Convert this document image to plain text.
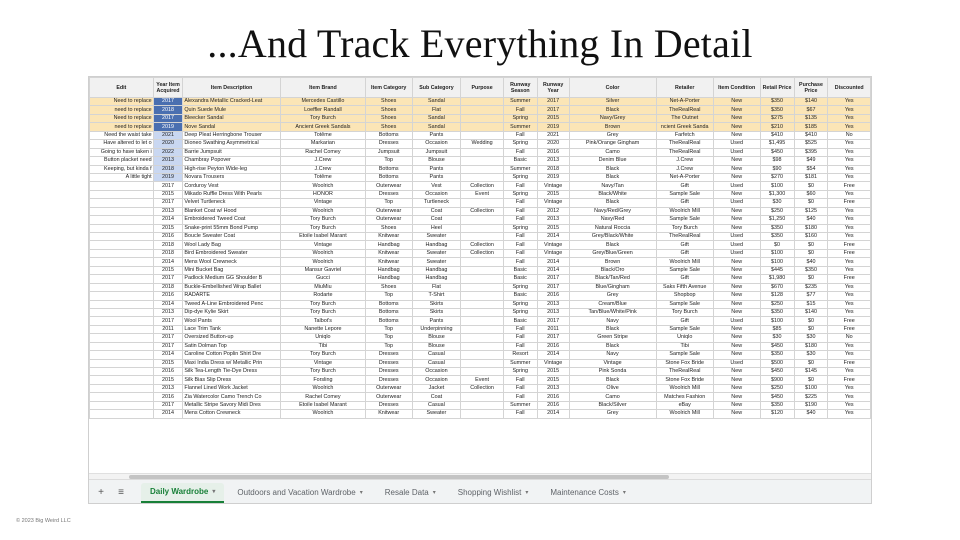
...And Track Everything In Detail
Edit	Year Item Acquired	Item Description	Item Brand	Item Category	Sub Category	Purpose	Runway Season	Runway Year	Color	Retailer	Item Condition	Retail Price	Purchase Price	Discounted
Need to replace	2017	Alexandra Metallic Cracked-Leat	Mercedes Castillo	Shoes	Sandal		Summer	2017	Silver	Net-A-Porter	New	$350	$140	Yes
need to replace	2018	Quin Suede Mule	Loeffler Randall	Shoes	Flat		Fall	2017	Black	TheRealReal	New	$350	$67	Yes
Need to replace	2017	Bleecker Sandal	Tory Burch	Shoes	Sandal		Spring	2015	Navy/Grey	The Outnet	New	$275	$135	Yes
need to replace	2019	Nove Sandal	Ancient Greek Sandals	Shoes	Sandal		Summer	2019	Brown	ncient Greek Sanda	New	$210	$185	Yes
Need the waist take	2021	Deep Pleat Herringbone Trouser	Totême	Bottoms	Pants		Fall	2021	Grey	Farfetch	New	$410	$410	No
Have altered to let o	2020	Dioneo Swathing Asymmetrical	Markarian	Dresses	Occasion	Wedding	Spring	2020	Pink/Orange Gingham	TheRealReal	Used	$1,495	$525	Yes
Going to have taken i	2022	Barrie Jumpsuit	Rachel Comey	Jumpsuit	Jumpsuit		Fall	2016	Camo	TheRealReal	Used	$450	$395	Yes
Button placket need	2013	Chambray Popover	J.Crew	Top	Blouse		Basic	2013	Denim Blue	J.Crew	New	$98	$49	Yes
Keeping, but kinda f	2018	High-rise Peyton Wide-leg	J.Crew	Bottoms	Pants		Summer	2018	Black	J.Crew	New	$90	$54	Yes
A little tight	2019	Novara Trousers	Totême	Bottoms	Pants		Spring	2019	Black	Net-A-Porter	New	$270	$181	Yes
	2017	Corduroy Vest	Woolrich	Outerwear	Vest	Collection	Fall	Vintage	Navy/Tan	Gift	Used	$100	$0	Free
	2015	Mikado Ruffle Dress With Pearls	HONOR	Dresses	Occasion	Event	Spring	2015	Black/White	Sample Sale	New	$1,300	$60	Yes
	2017	Velvet Turtleneck	Vintage	Top	Turtleneck		Fall	Vintage	Black	Gift	Used	$30	$0	Free
	2013	Blanket Coat w/ Hood	Woolrich	Outerwear	Coat	Collection	Fall	2012	Navy/Red/Grey	Woolrich Mill	New	$250	$125	Yes
	2014	Embroidered Tweed Coat	Tory Burch	Outerwear	Coat		Fall	2013	Navy/Red	Sample Sale	New	$1,250	$40	Yes
	2015	Snake-print 55mm Bond Pump	Tory Burch	Shoes	Heel		Spring	2015	Natural Roccia	Tory Burch	New	$350	$180	Yes
	2016	Boucle Sweater Coat	Etoile Isabel Marant	Knitwear	Sweater		Fall	2014	Grey/Black/White	TheRealReal	Used	$350	$160	Yes
	2018	Wool Lady Bag	Vintage	Handbag	Handbag	Collection	Fall	Vintage	Black	Gift	Used	$0	$0	Free
	2018	Bird Embroidered Sweater	Woolrich	Knitwear	Sweater	Collection	Fall	Vintage	Grey/Blue/Green	Gift	Used	$100	$0	Free
	2014	Mens Wool Crewneck	Woolrich	Knitwear	Sweater		Fall	2014	Brown	Woolrich Mill	New	$100	$40	Yes
	2015	Mini Bucket Bag	Mansur Gavriel	Handbag	Handbag		Basic	2014	Black/Oro	Sample Sale	New	$445	$350	Yes
	2017	Padlock Medium GG Shoulder B	Gucci	Handbag	Handbag		Basic	2017	Black/Tan/Red	Gift	New	$1,980	$0	Free
	2018	Buckle-Embellished Wrap Ballet	MiuMiu	Shoes	Flat		Spring	2017	Blue/Gingham	Saks Fifth Avenue	New	$670	$235	Yes
	2016	RADARTE	Rodarte	Top	T-Shirt		Basic	2016	Grey	Shopbop	New	$128	$77	Yes
	2014	Tweed A-Line Embroidered Penc	Tory Burch	Bottoms	Skirts		Spring	2013	Cream/Blue	Sample Sale	New	$250	$15	Yes
	2013	Dip-dye Kylie Skirt	Tory Burch	Bottoms	Skirts		Spring	2013	Tan/Blue/White/Pink	Tory Burch	New	$350	$140	Yes
	2017	Wool Pants	Talbot's	Bottoms	Pants		Basic	2017	Navy	Gift	Used	$100	$0	Free
	2011	Lace Trim Tank	Nanette Lepore	Top	Underpinning		Fall	2011	Black	Sample Sale	New	$85	$0	Free
	2017	Oversized Button-up	Uniqlo	Top	Blouse		Fall	2017	Green Stripe	Uniqlo	New	$30	$30	No
	2017	Satin Dolman Top	Tibi	Top	Blouse		Fall	2016	Black	Tibi	New	$450	$180	Yes
	2014	Caroline Cotton Poplin Shirt Dre	Tory Burch	Dresses	Casual		Resort	2014	Navy	Sample Sale	New	$350	$30	Yes
	2015	Maxi India Dress w/ Metallic Prin	Vintage	Dresses	Casual		Summer	Vintage	Vintage	Stone Fox Bride	Used	$500	$0	Free
	2016	Silk Tea-Length Tie-Dye Dress	Tory Burch	Dresses	Occasion		Spring	2015	Pink Sonda	TheRealReal	New	$450	$145	Yes
	2015	Silk Bias Slip Dress	Forsling	Dresses	Occasion	Event	Fall	2015	Black	Stone Fox Bride	New	$900	$0	Free
	2013	Flannel Lined Work Jacket	Woolrich	Outerwear	Jacket	Collection	Fall	2013	Olive	Woolrich Mill	New	$250	$100	Yes
	2016	Zia Watercolor Camo Trench Co	Rachel Comey	Outerwear	Coat		Fall	2016	Camo	Matches Fashion	New	$450	$225	Yes
	2017	Metallic Stripe Savory Midi Dres	Etoile Isabel Marant	Dresses	Casual		Summer	2016	Black/Silver	eBay	New	$350	$190	Yes
	2014	Mens Cotton Crewneck	Woolrich	Knitwear	Sweater		Fall	2014	Grey	Woolrich Mill	New	$120	$40	Yes
+	≡	Daily Wardrobe ▾	Outdoors and Vacation Wardrobe ▾	Resale Data ▾	Shopping Wishlist ▾	Maintenance Costs ▾
© 2023 Big Weird LLC
